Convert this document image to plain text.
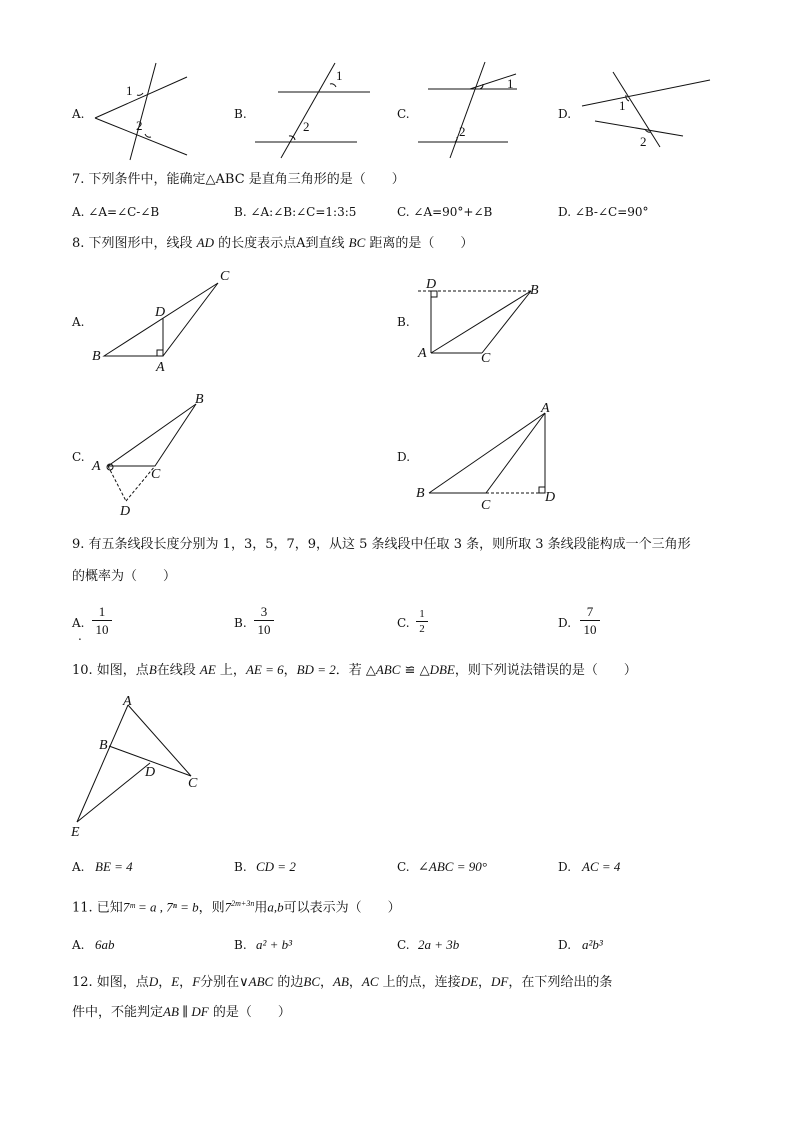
A.	B.	C.	D.
1
2
1
2
1
2
1
2
C
D
B
A
D	B
A	C
B
A
C
D
A
B
C
D
A
B
D
C
E
7. 下列条件中，能确定△ABC 是直角三角形的是（　　）
A. ∠A=∠C-∠B	B. ∠A:∠B:∠C=1:3:5	C. ∠A=90°+∠B	D. ∠B-∠C=90°
8. 下列图形中，线段 AD 的长度表示点A到直线 BC 距离的是（　　）
A.	B.
C.	D.
9. 有五条线段长度分别为 1，3，5，7，9，从这 5 条线段中任取 3 条，则所取 3 条线段能构成一个三角形
的概率为（　　）
A.
.
1
10	B.
3
10	C.
1
2	D.
7
10
10. 如图，点B在线段 AE 上，AE = 6，BD = 2．若 △ABC ≌ △DBE，则下列说法错误的是（　　）
A. BE = 4	B. CD = 2	C. ∠ABC = 90°	D. AC = 4
11. 已知7ᵐ = a , 7ⁿ = b，则$7^{2m+3n}$用a,b可以表示为（　　）
A. 6ab	B. a² + b³	C. 2a + 3b	D. a²b³
12. 如图，点D，E，F分别在∨ABC 的边BC，AB，AC 上的点，连接DE，DF，在下列给出的条
件中，不能判定AB ∥ DF 的是（　　）
